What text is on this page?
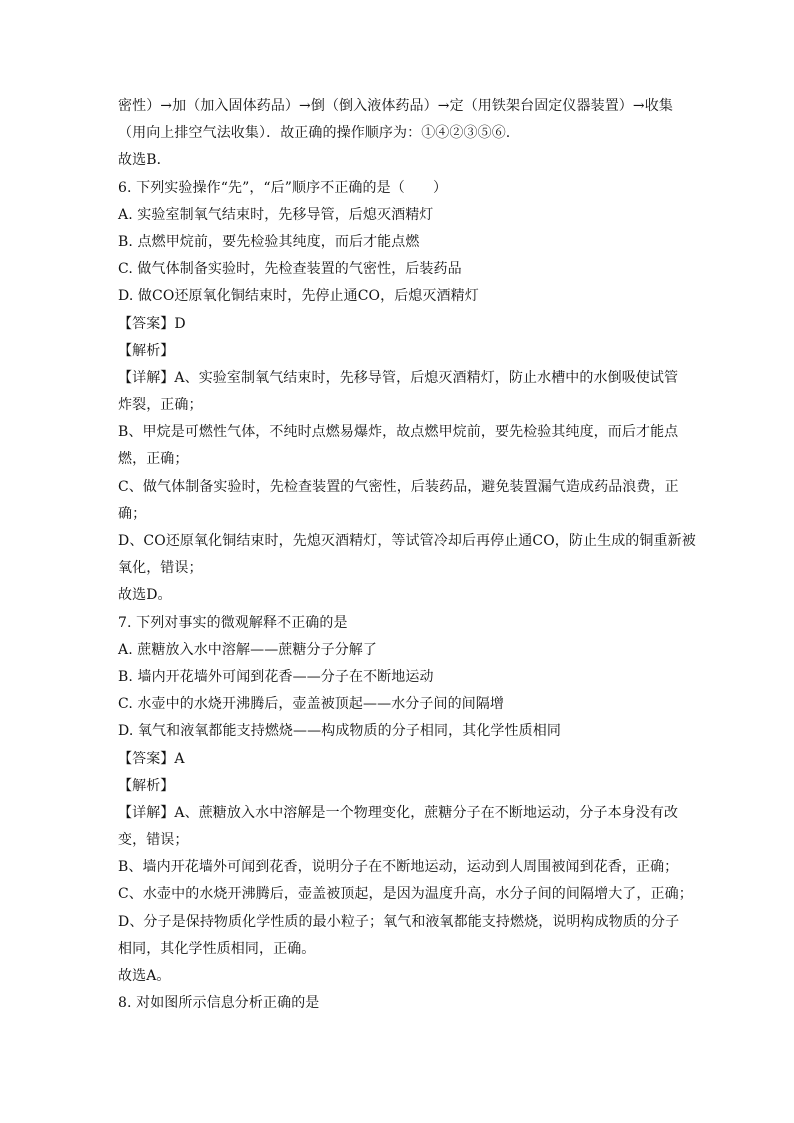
密性）→加（加入固体药品）→倒（倒入液体药品）→定（用铁架台固定仪器装置）→收集
（用向上排空气法收集）．故正确的操作顺序为：①④②③⑤⑥.
故选B．
6. 下列实验操作“先”，“后”顺序不正确的是（　　）
A. 实验室制氧气结束时，先移导管，后熄灭酒精灯
B. 点燃甲烷前，要先检验其纯度，而后才能点燃
C. 做气体制备实验时，先检查装置的气密性，后装药品
D. 做CO还原氧化铜结束时，先停止通CO，后熄灭酒精灯
【答案】D
【解析】
【详解】A、实验室制氧气结束时，先移导管，后熄灭酒精灯，防止水槽中的水倒吸使试管
炸裂，正确；
B、甲烷是可燃性气体，不纯时点燃易爆炸，故点燃甲烷前，要先检验其纯度，而后才能点
燃，正确；
C、做气体制备实验时，先检查装置的气密性，后装药品，避免装置漏气造成药品浪费，正
确；
D、CO还原氧化铜结束时，先熄灭酒精灯，等试管冷却后再停止通CO，防止生成的铜重新被
氧化，错误；
故选D。
7. 下列对事实的微观解释不正确的是
A. 蔗糖放入水中溶解——蔗糖分子分解了
B. 墙内开花墙外可闻到花香——分子在不断地运动
C. 水壶中的水烧开沸腾后，壶盖被顶起——水分子间的间隔增
D. 氧气和液氧都能支持燃烧——构成物质的分子相同，其化学性质相同
【答案】A
【解析】
【详解】A、蔗糖放入水中溶解是一个物理变化，蔗糖分子在不断地运动，分子本身没有改
变，错误；
B、墙内开花墙外可闻到花香，说明分子在不断地运动，运动到人周围被闻到花香，正确；
C、水壶中的水烧开沸腾后，壶盖被顶起，是因为温度升高，水分子间的间隔增大了，正确；
D、分子是保持物质化学性质的最小粒子；氧气和液氧都能支持燃烧，说明构成物质的分子
相同，其化学性质相同，正确。
故选A。
8. 对如图所示信息分析正确的是
